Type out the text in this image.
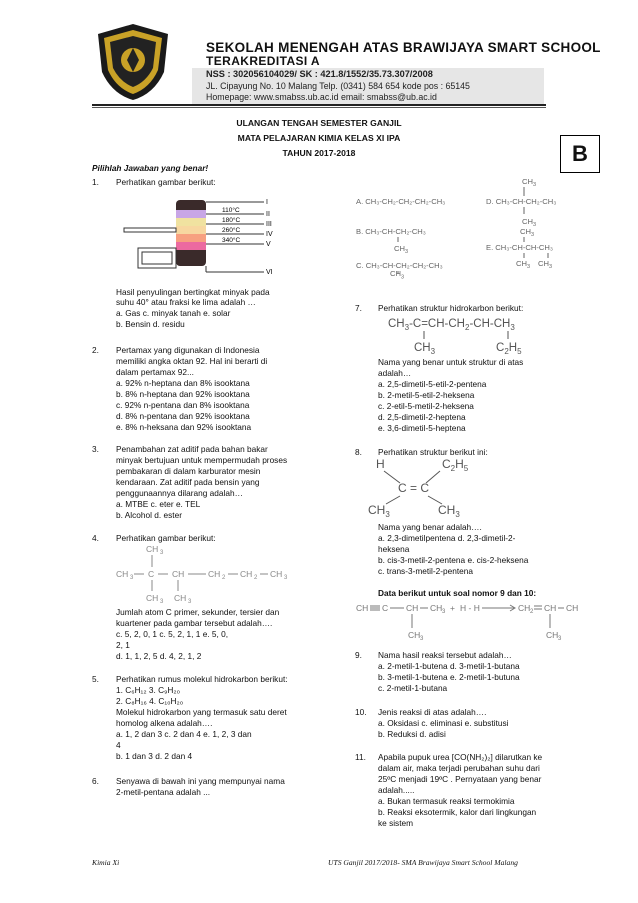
SEKOLAH MENENGAH ATAS BRAWIJAYA SMART SCHOOL
TERAKREDITASI A
NSS : 302056104029/ SK : 421.8/1552/35.73.307/2008
JL. Cipayung No. 10 Malang Telp. (0341) 584 654 kode pos : 65145
Homepage: www.smabss.ub.ac.id email: smabss@ub.ac.id
ULANGAN TENGAH SEMESTER GANJIL
MATA PELAJARAN KIMIA KELAS XI IPA
TAHUN 2017-2018	B
Pilihlah Jawaban yang benar!
1. Perhatikan gambar berikut:
110°C
180°C
260°C
340°C
I
II
III
IV
V
VI
Hasil penyulingan bertingkat minyak pada
suhu 40° atau fraksi ke lima adalah …
a. Gas c. minyak tanah e. solar
b. Bensin d. residu
2. Pertamax yang digunakan di Indonesia
memiliki angka oktan 92. Hal ini berarti di
dalam pertamax 92...
a. 92% n-heptana dan 8% isooktana
b. 8% n-heptana dan 92% isooktana
c. 92% n-pentana dan 8% isooktana
d. 8% n-pentana dan 92% isooktana
e. 8% n-heksana dan 92% isooktana
3. Penambahan zat aditif pada bahan bakar
minyak bertujuan untuk mempermudah proses
pembakaran di dalam karburator mesin
kendaraan. Zat aditif pada bensin yang
penggunaannya dilarang adalah…
a. MTBE c. eter e. TEL
b. Alcohol d. ester
4. Perhatikan gambar berikut:
CH 3
CH 3 C CH	CH 2 CH 2 CH 3
CH 3 CH 3
Jumlah atom C primer, sekunder, tersier dan
kuartener pada gambar tersebut adalah….
c. 5, 2, 0, 1 c. 5, 2, 1, 1 e. 5, 0,
2, 1
d. 1, 1, 2, 5 d. 4, 2, 1, 2
5. Perhatikan rumus molekul hidrokarbon berikut:
1. C₆H₁₂ 3. C₉H₂₀
2. C₈H₁₆ 4. C₁₀H₂₀
Molekul hidrokarbon yang termasuk satu deret
homolog alkena adalah….
a. 1, 2 dan 3 c. 2 dan 4 e. 1, 2, 3 dan
4
b. 1 dan 3 d. 2 dan 4
6. Senyawa di bawah ini yang mempunyai nama
2-metil-pentana adalah ...
A. CH₃-CH₂-CH₂-CH₂-CH₃
B. CH₃-CH-CH₂-CH₃
CH 3
C. CH₃-CH-CH₂-CH₂-CH₃
CH 3
D. CH₃-CH-CH₂-CH₃
CH 3
CH 3
E. CH₃-CH-CH-CH₃
CH 3 CH 3
$CH_3$
7. Perhatikan struktur hidrokarbon berikut:
$CH_3-C=CH-CH_2-CH-CH_3$
$CH_3$	$C_2H_5$
Nama yang benar untuk struktur di atas
adalah…
a. 2,5-dimetil-5-etil-2-pentena
b. 2-metil-5-etil-2-heksena
c. 2-etil-5-metil-2-heksena
d. 2,5-dimetil-2-heptena
e. 3,6-dimetil-5-heptena
8. Perhatikan struktur berikut ini:
H	$C_2H_5$
C = C
$CH_3$	$CH_3$
Nama yang benar adalah….
a. 2,3-dimetilpentena d. 2,3-dimetil-2-
heksena
b. cis-3-metil-2-pentena e. cis-2-heksena
c. trans-3-metil-2-pentena
Data berikut untuk soal nomor 9 dan 10:
CH C CH CH 3 + H - H	CH 2 CH CH
CH 3	CH 3
9. Nama hasil reaksi tersebut adalah…
a. 2-metil-1-butena d. 3-metil-1-butana
b. 3-metil-1-butena e. 2-metil-1-butuna
c. 2-metil-1-butana
10. Jenis reaksi di atas adalah….
a. Oksidasi c. eliminasi e. substitusi
b. Reduksi d. adisi
11. Apabila pupuk urea [CO(NH₂)₂] dilarutkan ke
dalam air, maka terjadi perubahan suhu dari
25ºC menjadi 19ºC . Pernyataan yang benar
adalah.....
a. Bukan termasuk reaksi termokimia
b. Reaksi eksotermik, kalor dari lingkungan
ke sistem
Kimia Xi	UTS Ganjil 2017/2018- SMA Brawijaya Smart School Malang
